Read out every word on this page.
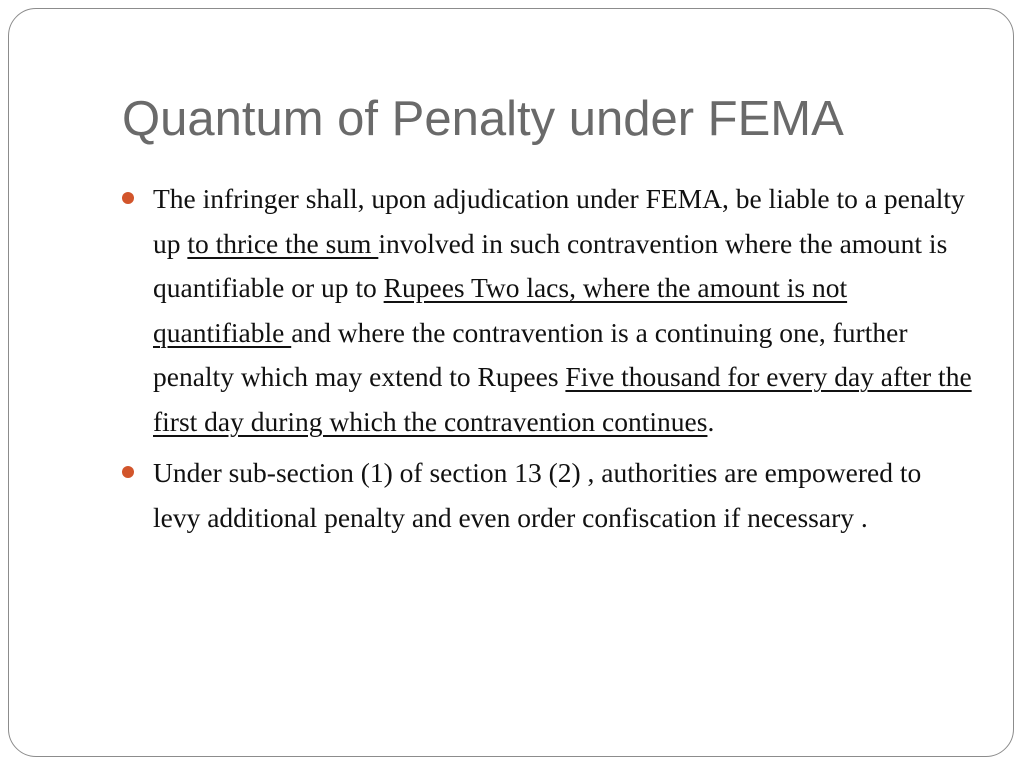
Quantum of Penalty under FEMA
The infringer shall, upon adjudication under FEMA, be liable to a penalty up to thrice the sum involved in such contravention where the amount is quantifiable or up to Rupees Two lacs, where the amount is not quantifiable and where the contravention is a continuing one, further penalty which may extend to Rupees Five thousand for every day after the first day during which the contravention continues.
Under sub-section (1) of section 13 (2) , authorities are empowered to levy additional penalty and even order confiscation if necessary .
